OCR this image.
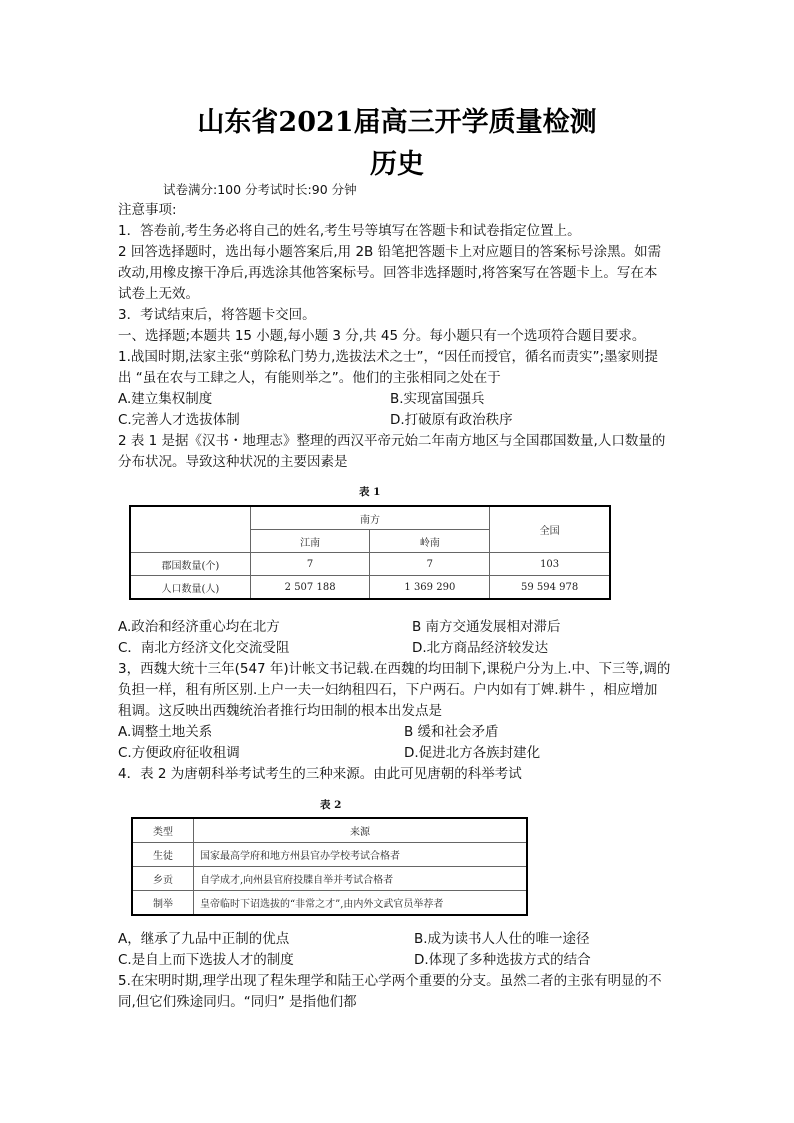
山东省2021届高三开学质量检测
历史
试卷满分:100 分考试时长:90 分钟
注意事项:
1．答卷前,考生务必将自己的姓名,考生号等填写在答题卡和试卷指定位置上。
2 回答选择题时，选出每小题答案后,用 2B 铅笔把答题卡上对应题目的答案标号涂黑。如需
改动,用橡皮擦干净后,再选涂其他答案标号。回答非选择题时,将答案写在答题卡上。写在本
试卷上无效。
3．考试结束后，将答题卡交回。
一、选择题;本题共 15 小题,每小题 3 分,共 45 分。每小题只有一个选项符合题目要求。
1.战国时期,法家主张“剪除私门势力,选拔法术之士”，“因任而授官，循名而责实”;墨家则提
出 “虽在农与工肆之人，有能则举之”。他们的主张相同之处在于
A.建立集权制度	B.实现富国强兵
C.完善人才选拔体制	D.打破原有政治秩序
2 表 1 是据《汉书・地理志》整理的西汉平帝元始二年南方地区与全国郡国数量,人口数量的
分布状况。导致这种状况的主要因素是
表 1
	南方		全国
	江南	岭南	
郡国数量(个)	7	7	103
人口数量(人)	2 507 188	1 369 290	59 594 978
A.政治和经济重心均在北方	B 南方交通发展相对滞后
C．南北方经济文化交流受阻	D.北方商品经济较发达
3，西魏大统十三年(547 年)计帐文书记载.在西魏的均田制下,课税户分为上.中、下三等,调的
负担一样，租有所区别.上户一夫一妇纳租四石，下户两石。户内如有丁婢.耕牛 ，相应增加
租调。这反映出西魏统治者推行均田制的根本出发点是
A.调整土地关系	B 缓和社会矛盾
C.方便政府征收租调	D.促进北方各族封建化
4．表 2 为唐朝科举考试考生的三种来源。由此可见唐朝的科举考试
表 2
类型	来源
生徒	国家最高学府和地方州县官办学校考试合格者
乡贡	自学成才,向州县官府投牒自举并考试合格者
制举	皇帝临时下诏选拔的“非常之才”,由内外文武官员举荐者
A，继承了九品中正制的优点	B.成为读书人人仕的唯一途径
C.是自上而下选拔人才的制度	D.体现了多种选拔方式的结合
5.在宋明时期,理学出现了程朱理学和陆王心学两个重要的分支。虽然二者的主张有明显的不
同,但它们殊途同归。“同归” 是指他们都
